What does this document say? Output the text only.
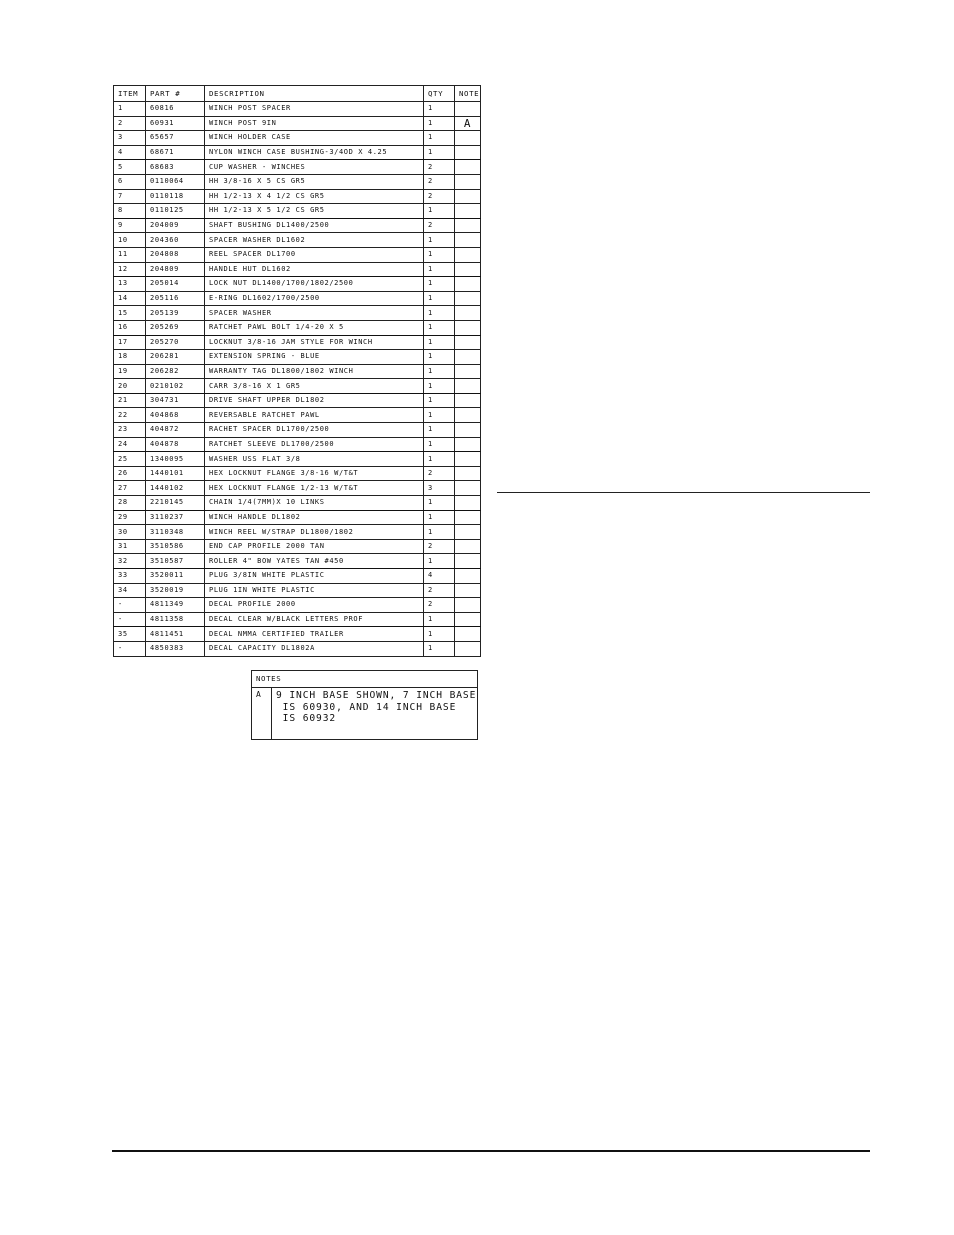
ITEM	PART #	DESCRIPTION	QTY	NOTE
1	60816	WINCH POST SPACER	1	
2	60931	WINCH POST 9IN	1	A
3	65657	WINCH HOLDER CASE	1	
4	68671	NYLON WINCH CASE BUSHING-3/4OD X 4.25	1	
5	68683	CUP WASHER - WINCHES	2	
6	0110064	HH 3/8-16 X 5 CS GR5	2	
7	0110118	HH 1/2-13 X 4 1/2 CS GR5	2	
8	0110125	HH 1/2-13 X 5 1/2 CS GR5	1	
9	204009	SHAFT BUSHING DL1400/2500	2	
10	204360	SPACER WASHER DL1602	1	
11	204808	REEL SPACER DL1700	1	
12	204809	HANDLE HUT DL1602	1	
13	205014	LOCK NUT DL1400/1700/1802/2500	1	
14	205116	E-RING DL1602/1700/2500	1	
15	205139	SPACER WASHER	1	
16	205269	RATCHET PAWL BOLT 1/4-20 X 5	1	
17	205270	LOCKNUT 3/8-16 JAM STYLE FOR WINCH	1	
18	206281	EXTENSION SPRING - BLUE	1	
19	206282	WARRANTY TAG DL1800/1802 WINCH	1	
20	0210102	CARR 3/8-16 X 1 GR5	1	
21	304731	DRIVE SHAFT UPPER DL1802	1	
22	404868	REVERSABLE RATCHET PAWL	1	
23	404872	RACHET SPACER DL1700/2500	1	
24	404878	RATCHET SLEEVE DL1700/2500	1	
25	1340095	WASHER USS FLAT 3/8	1	
26	1440101	HEX LOCKNUT FLANGE 3/8-16 W/T&T	2	
27	1440102	HEX LOCKNUT FLANGE 1/2-13 W/T&T	3	
28	2210145	CHAIN 1/4(7MM)X 10 LINKS	1	
29	3110237	WINCH HANDLE DL1802	1	
30	3110348	WINCH REEL W/STRAP DL1800/1802	1	
31	3510586	END CAP PROFILE 2000 TAN	2	
32	3510587	ROLLER 4" BOW YATES TAN #450	1	
33	3520011	PLUG 3/8IN WHITE PLASTIC	4	
34	3520019	PLUG 1IN WHITE PLASTIC	2	
-	4811349	DECAL PROFILE 2000	2	
-	4811358	DECAL CLEAR W/BLACK LETTERS PROF	1	
35	4811451	DECAL NMMA CERTIFIED TRAILER	1	
-	4850383	DECAL CAPACITY DL1802A	1	
NOTES
A	9 INCH BASE SHOWN, 7 INCH BASE
IS 60930, AND 14 INCH BASE
IS 60932
